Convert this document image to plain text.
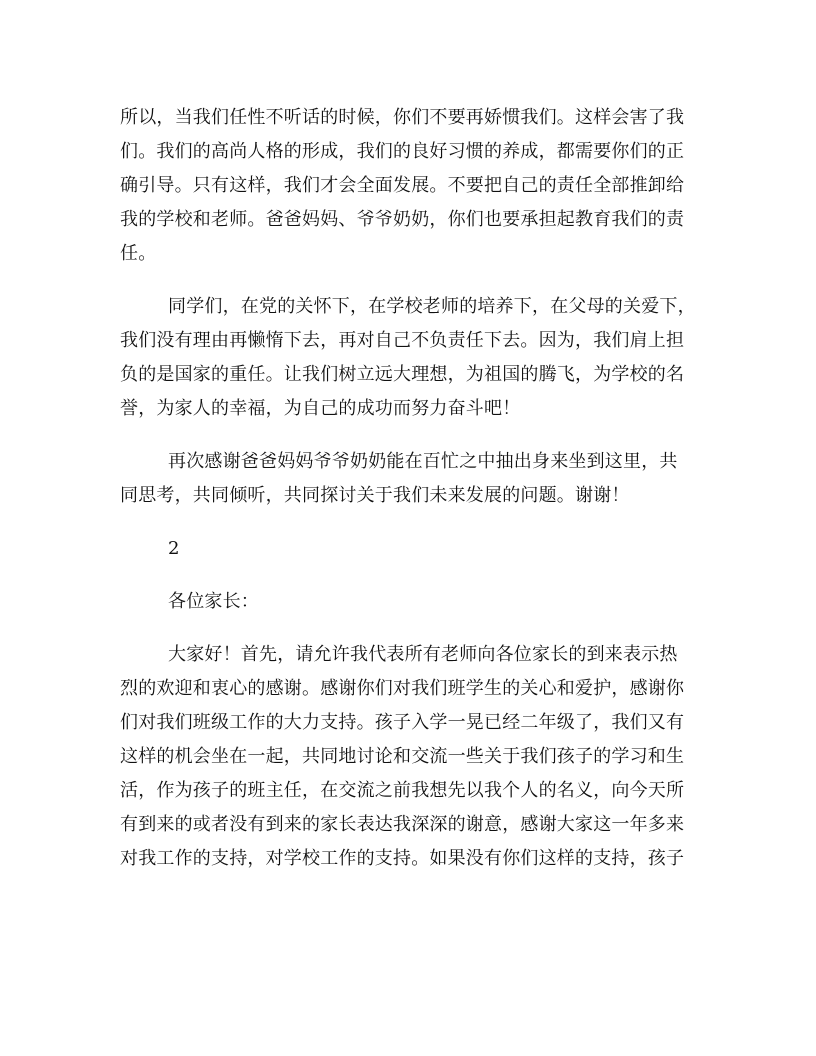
所以，当我们任性不听话的时候，你们不要再娇惯我们。这样会害了我
们。我们的高尚人格的形成，我们的良好习惯的养成，都需要你们的正
确引导。只有这样，我们才会全面发展。不要把自己的责任全部推卸给
我的学校和老师。爸爸妈妈、爷爷奶奶，你们也要承担起教育我们的责
任。

同学们，在党的关怀下，在学校老师的培养下，在父母的关爱下，
我们没有理由再懒惰下去，再对自己不负责任下去。因为，我们肩上担
负的是国家的重任。让我们树立远大理想，为祖国的腾飞，为学校的名
誉，为家人的幸福，为自己的成功而努力奋斗吧！

再次感谢爸爸妈妈爷爷奶奶能在百忙之中抽出身来坐到这里，共
同思考，共同倾听，共同探讨关于我们未来发展的问题。谢谢！

2

各位家长：

大家好！首先，请允许我代表所有老师向各位家长的到来表示热
烈的欢迎和衷心的感谢。感谢你们对我们班学生的关心和爱护，感谢你
们对我们班级工作的大力支持。孩子入学一晃已经二年级了，我们又有
这样的机会坐在一起，共同地讨论和交流一些关于我们孩子的学习和生
活，作为孩子的班主任，在交流之前我想先以我个人的名义，向今天所
有到来的或者没有到来的家长表达我深深的谢意，感谢大家这一年多来
对我工作的支持，对学校工作的支持。如果没有你们这样的支持，孩子
